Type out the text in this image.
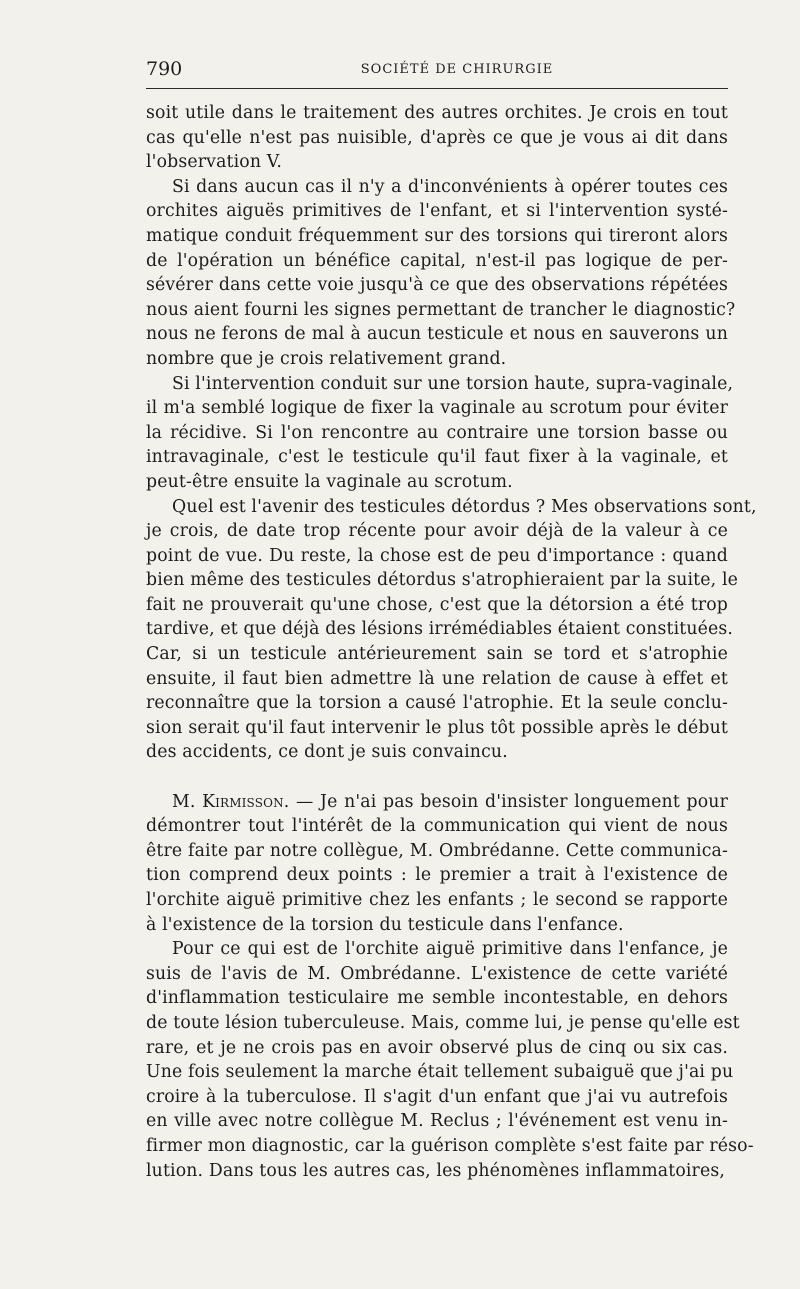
790	SOCIÉTÉ DE CHIRURGIE

soit utile dans le traitement des autres orchites. Je crois en tout
cas qu'elle n'est pas nuisible, d'après ce que je vous ai dit dans
l'observation V.

Si dans aucun cas il n'y a d'inconvénients à opérer toutes ces
orchites aiguës primitives de l'enfant, et si l'intervention systé-
matique conduit fréquemment sur des torsions qui tireront alors
de l'opération un bénéfice capital, n'est-il pas logique de per-
sévérer dans cette voie jusqu'à ce que des observations répétées
nous aient fourni les signes permettant de trancher le diagnostic?
nous ne ferons de mal à aucun testicule et nous en sauverons un
nombre que je crois relativement grand.

Si l'intervention conduit sur une torsion haute, supra-vaginale,
il m'a semblé logique de fixer la vaginale au scrotum pour éviter
la récidive. Si l'on rencontre au contraire une torsion basse ou
intravaginale, c'est le testicule qu'il faut fixer à la vaginale, et
peut-être ensuite la vaginale au scrotum.

Quel est l'avenir des testicules détordus ? Mes observations sont,
je crois, de date trop récente pour avoir déjà de la valeur à ce
point de vue. Du reste, la chose est de peu d'importance : quand
bien même des testicules détordus s'atrophieraient par la suite, le
fait ne prouverait qu'une chose, c'est que la détorsion a été trop
tardive, et que déjà des lésions irrémédiables étaient constituées.
Car, si un testicule antérieurement sain se tord et s'atrophie
ensuite, il faut bien admettre là une relation de cause à effet et
reconnaître que la torsion a causé l'atrophie. Et la seule conclu-
sion serait qu'il faut intervenir le plus tôt possible après le début
des accidents, ce dont je suis convaincu.

M. Kirmisson. — Je n'ai pas besoin d'insister longuement pour
démontrer tout l'intérêt de la communication qui vient de nous
être faite par notre collègue, M. Ombrédanne. Cette communica-
tion comprend deux points : le premier a trait à l'existence de
l'orchite aiguë primitive chez les enfants ; le second se rapporte
à l'existence de la torsion du testicule dans l'enfance.

Pour ce qui est de l'orchite aiguë primitive dans l'enfance, je
suis de l'avis de M. Ombrédanne. L'existence de cette variété
d'inflammation testiculaire me semble incontestable, en dehors
de toute lésion tuberculeuse. Mais, comme lui, je pense qu'elle est
rare, et je ne crois pas en avoir observé plus de cinq ou six cas.
Une fois seulement la marche était tellement subaiguë que j'ai pu
croire à la tuberculose. Il s'agit d'un enfant que j'ai vu autrefois
en ville avec notre collègue M. Reclus ; l'événement est venu in-
firmer mon diagnostic, car la guérison complète s'est faite par réso-
lution. Dans tous les autres cas, les phénomènes inflammatoires,
